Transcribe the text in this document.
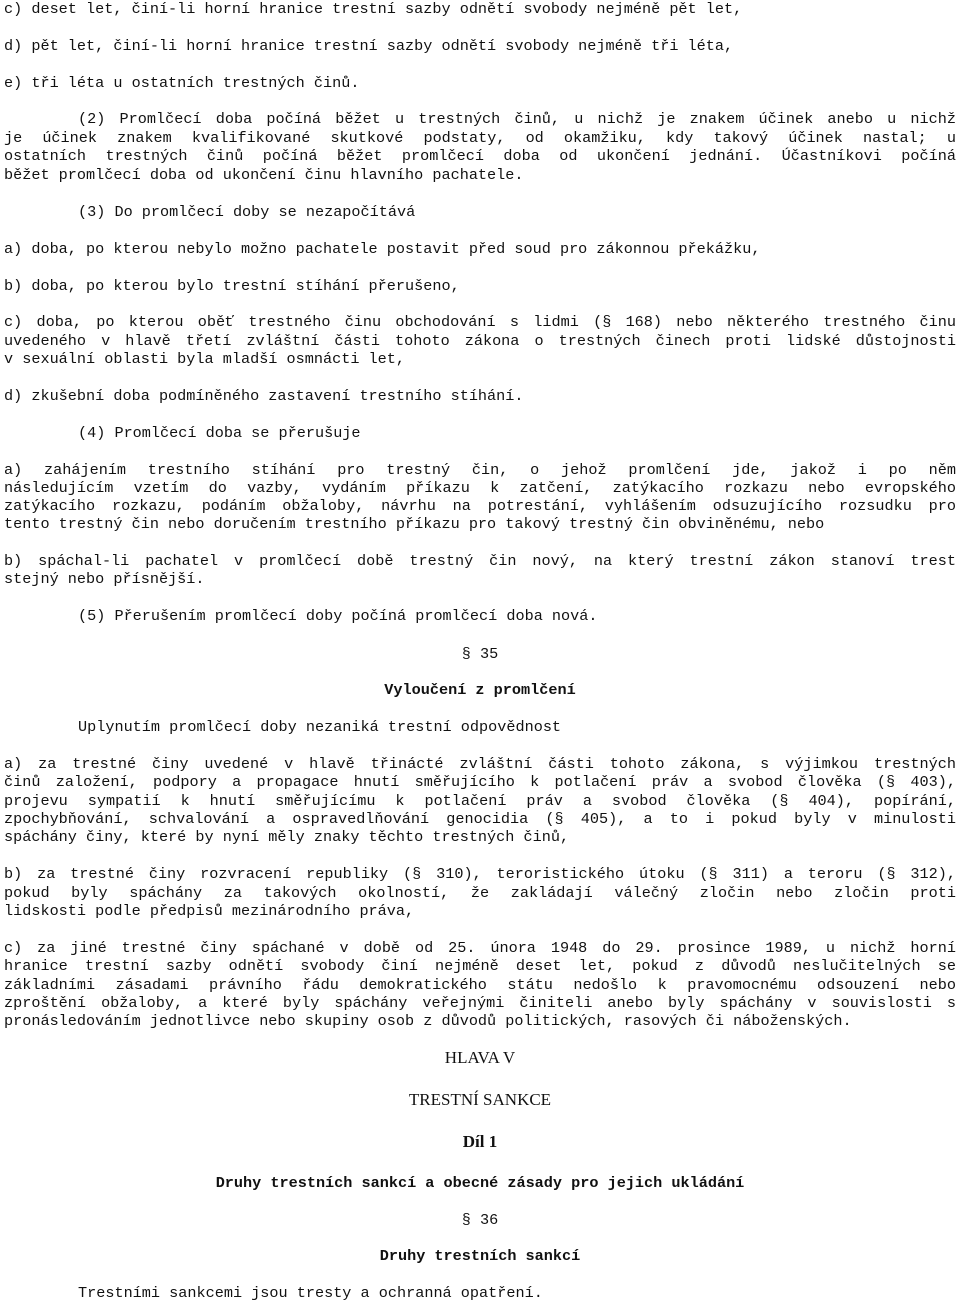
c) deset let, činí-li horní hranice trestní sazby odnětí svobody nejméně pět let,
d) pět let, činí-li horní hranice trestní sazby odnětí svobody nejméně tři léta,
e) tři léta u ostatních trestných činů.
(2) Promlčecí doba počíná běžet u trestných činů, u nichž je znakem účinek anebo u nichž
je účinek znakem kvalifikované skutkové podstaty, od okamžiku, kdy takový účinek nastal; u
ostatních trestných činů počíná běžet promlčecí doba od ukončení jednání. Účastníkovi počíná
běžet promlčecí doba od ukončení činu hlavního pachatele.
(3) Do promlčecí doby se nezapočítává
a) doba, po kterou nebylo možno pachatele postavit před soud pro zákonnou překážku,
b) doba, po kterou bylo trestní stíhání přerušeno,
c) doba, po kterou oběť trestného činu obchodování s lidmi (§ 168) nebo některého trestného činu
uvedeného v hlavě třetí zvláštní části tohoto zákona o trestných činech proti lidské důstojnosti
v sexuální oblasti byla mladší osmnácti let,
d) zkušební doba podmíněného zastavení trestního stíhání.
(4) Promlčecí doba se přerušuje
a) zahájením trestního stíhání pro trestný čin, o jehož promlčení jde, jakož i po něm
následujícím vzetím do vazby, vydáním příkazu k zatčení, zatýkacího rozkazu nebo evropského
zatýkacího rozkazu, podáním obžaloby, návrhu na potrestání, vyhlášením odsuzujícího rozsudku pro
tento trestný čin nebo doručením trestního příkazu pro takový trestný čin obviněnému, nebo
b) spáchal-li pachatel v promlčecí době trestný čin nový, na který trestní zákon stanoví trest
stejný nebo přísnější.
(5) Přerušením promlčecí doby počíná promlčecí doba nová.
§ 35
Vyloučení z promlčení
Uplynutím promlčecí doby nezaniká trestní odpovědnost
a) za trestné činy uvedené v hlavě třinácté zvláštní části tohoto zákona, s výjimkou trestných
činů založení, podpory a propagace hnutí směřujícího k potlačení práv a svobod člověka (§ 403),
projevu sympatií k hnutí směřujícímu k potlačení práv a svobod člověka (§ 404), popírání,
zpochybňování, schvalování a ospravedlňování genocidia (§ 405), a to i pokud byly v minulosti
spáchány činy, které by nyní měly znaky těchto trestných činů,
b) za trestné činy rozvracení republiky (§ 310), teroristického útoku (§ 311) a teroru (§ 312),
pokud byly spáchány za takových okolností, že zakládají válečný zločin nebo zločin proti
lidskosti podle předpisů mezinárodního práva,
c) za jiné trestné činy spáchané v době od 25. února 1948 do 29. prosince 1989, u nichž horní
hranice trestní sazby odnětí svobody činí nejméně deset let, pokud z důvodů neslučitelných se
základními zásadami právního řádu demokratického státu nedošlo k pravomocnému odsouzení nebo
zproštění obžaloby, a které byly spáchány veřejnými činiteli anebo byly spáchány v souvislosti s
pronásledováním jednotlivce nebo skupiny osob z důvodů politických, rasových či náboženských.
HLAVA V
TRESTNÍ SANKCE
Díl 1
Druhy trestních sankcí a obecné zásady pro jejich ukládání
§ 36
Druhy trestních sankcí
Trestními sankcemi jsou tresty a ochranná opatření.
